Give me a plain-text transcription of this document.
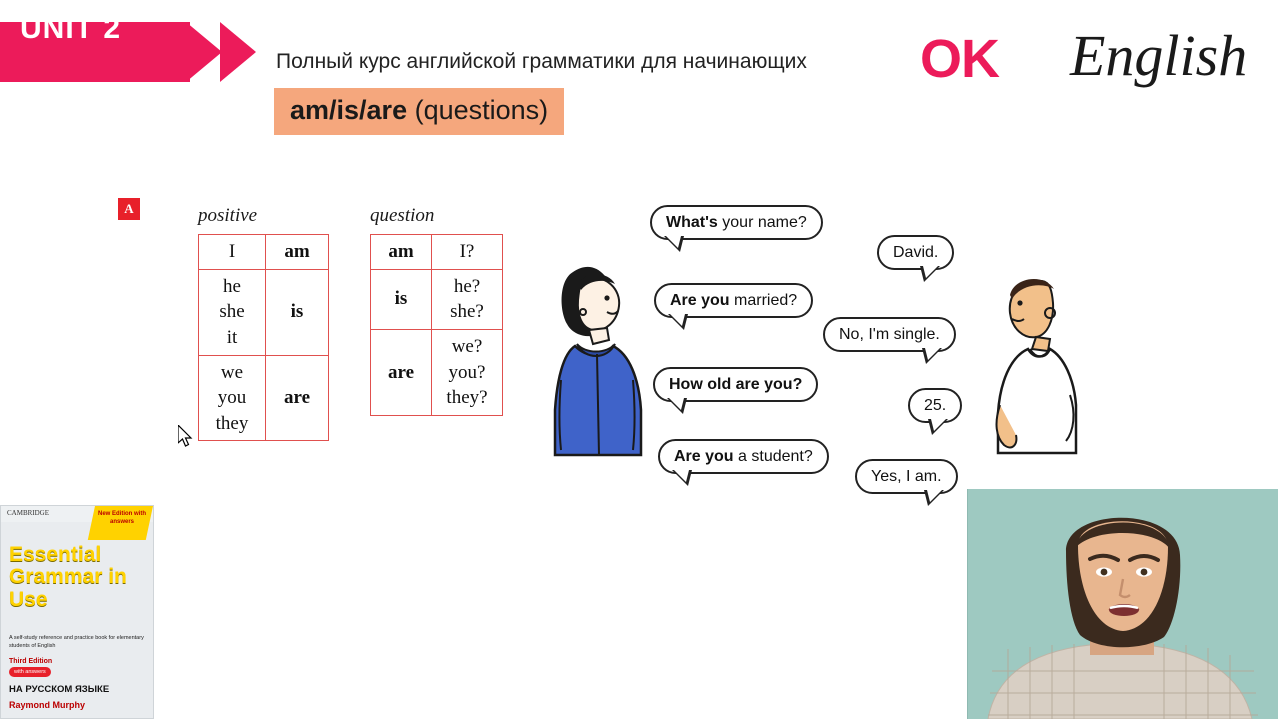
UNIT 2
Полный курс английской грамматики для начинающих
am/is/are (questions)
OK English
A	positive
I	am
he
she
it	is
we
you
they	are
question
am	I?
is	he?
she?
are	we?
you?
they?
What's your name?
Are you married?
How old are you?
Are you a student?
David.
No, I'm single.
25.
Yes, I am.
CAMBRIDGE	New Edition with answers
Essential Grammar in Use
A self-study reference and practice book for elementary students of English
Third Edition
with answers
НА РУССКОМ ЯЗЫКЕ
Raymond Murphy
